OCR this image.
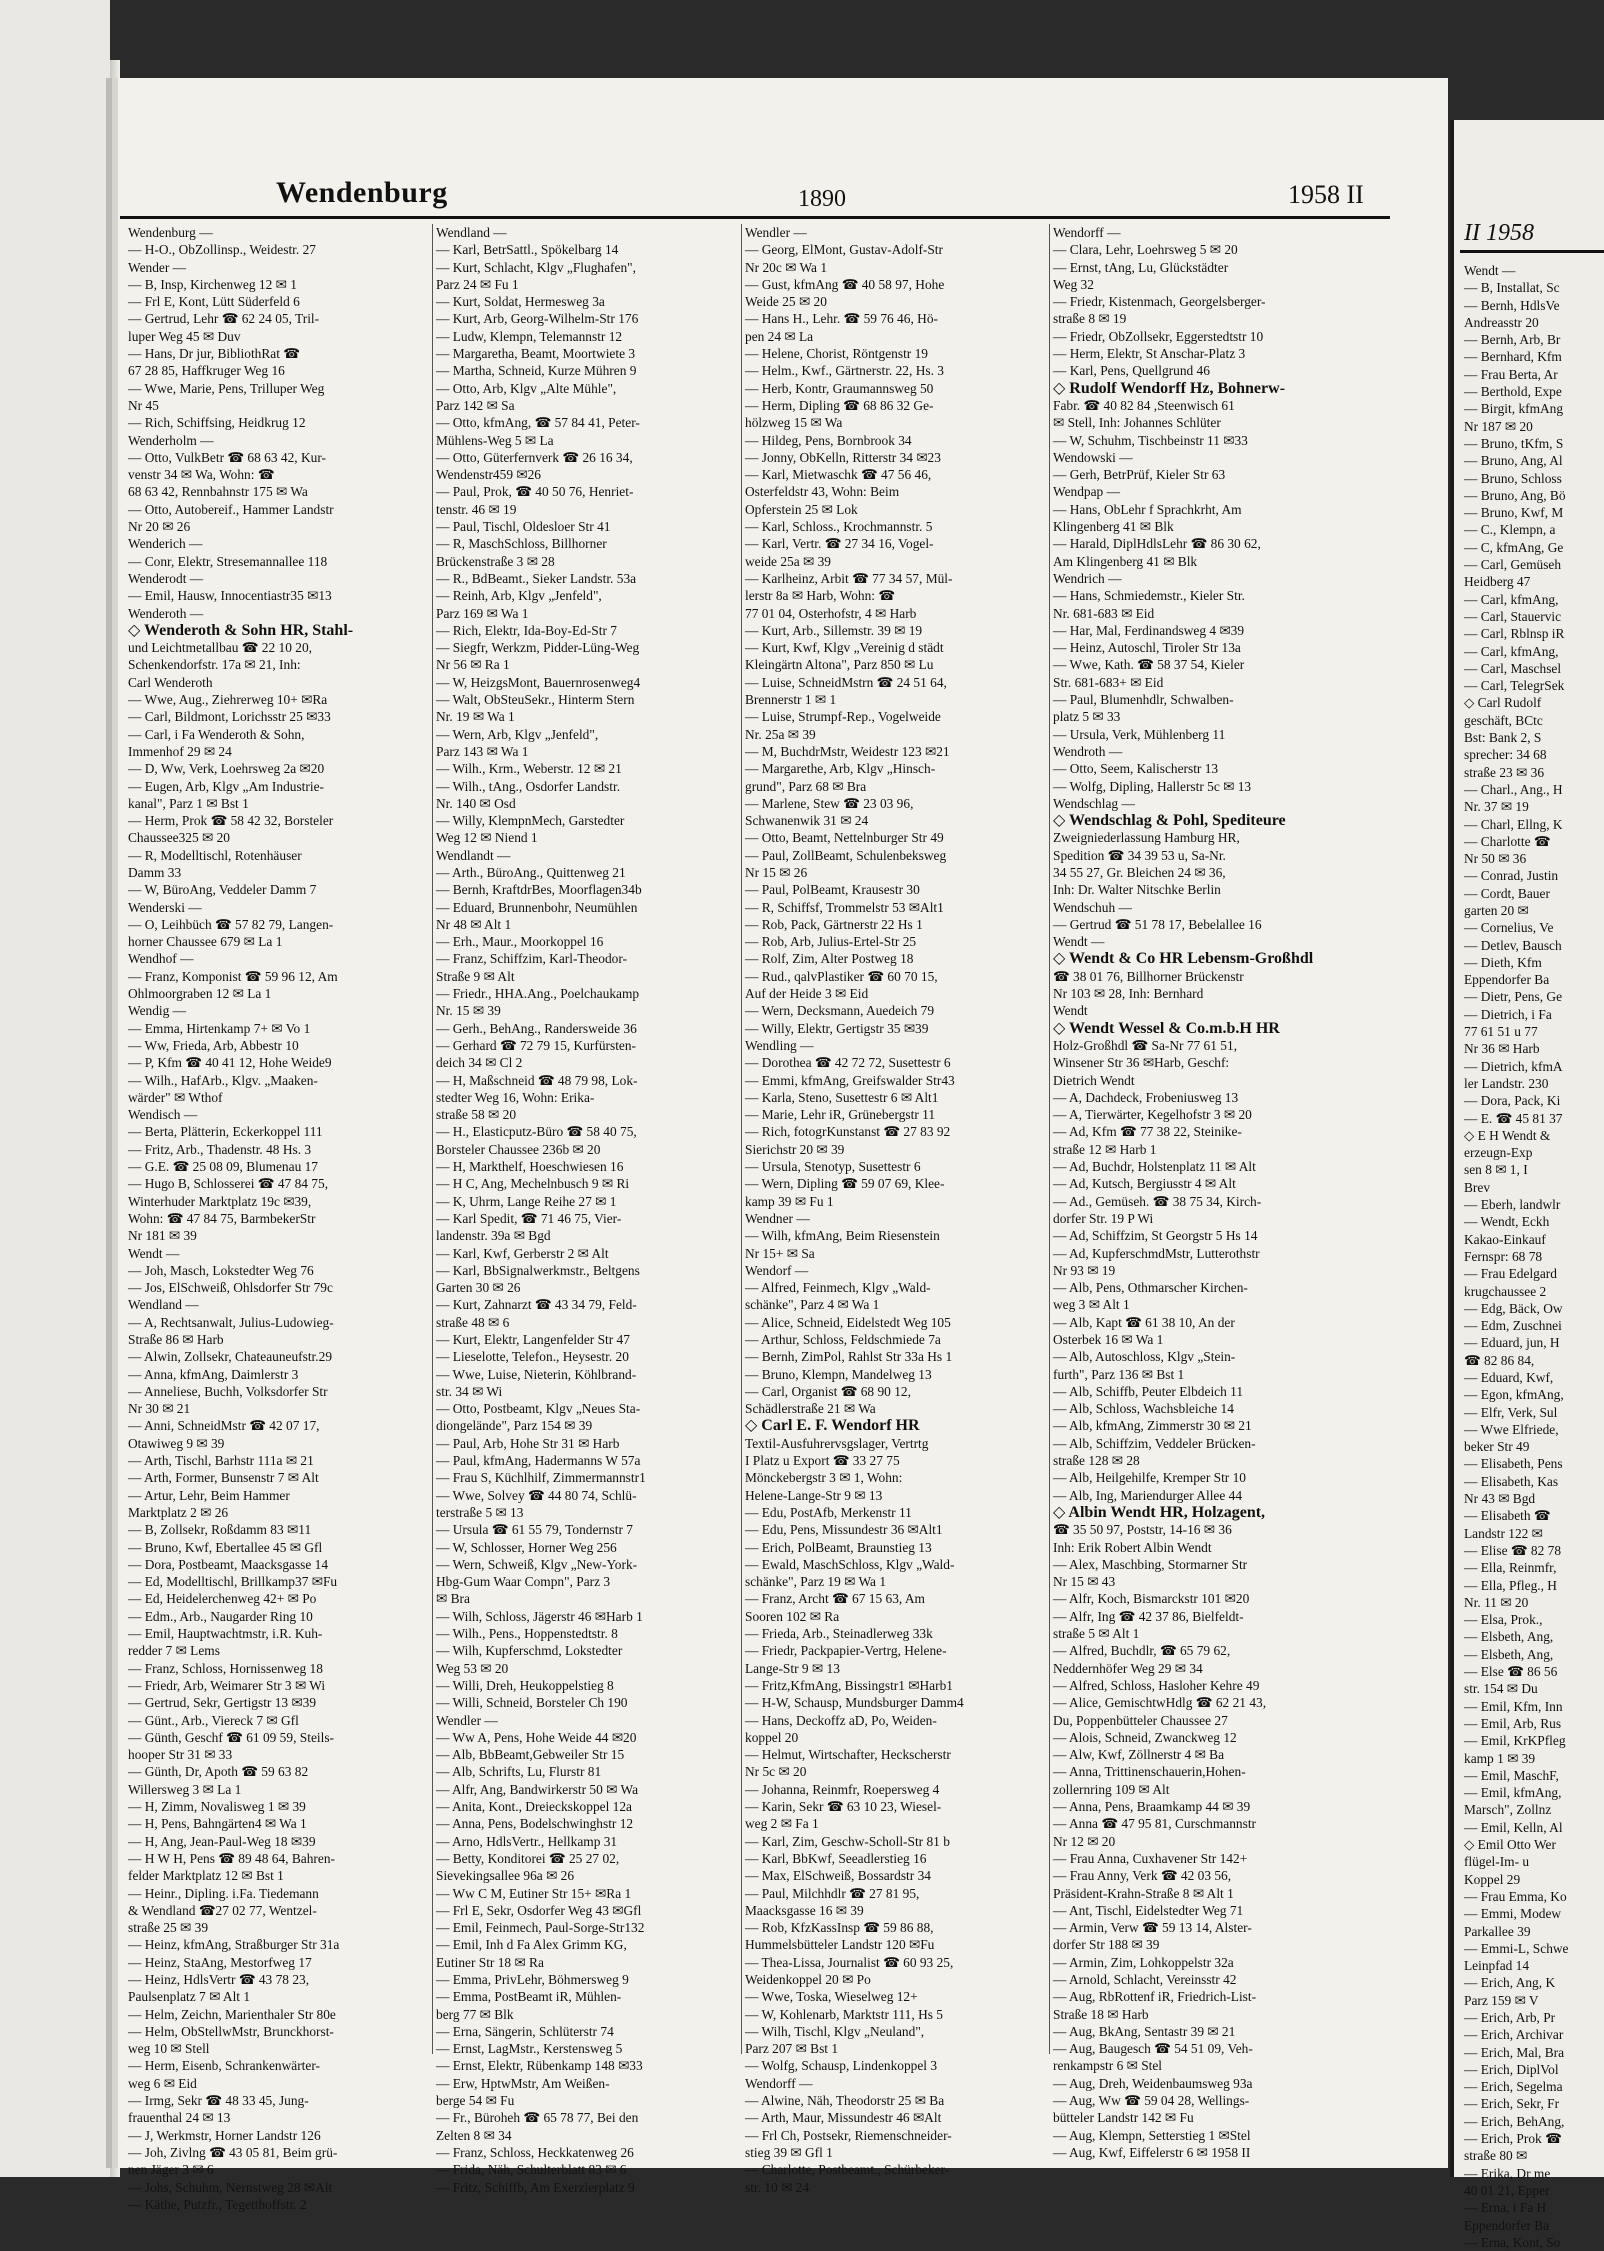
Wendenburg	1890	1958 II
Wendenburg —
— H-O., ObZollinsp., Weidestr. 27
Wender —
— B, Insp, Kirchenweg 12 ✉ 1
— Frl E, Kont, Lütt Süderfeld 6
— Gertrud, Lehr ☎ 62 24 05, Tril-
luper Weg 45 ✉ Duv
— Hans, Dr jur, BibliothRat ☎
67 28 85, Haffkruger Weg 16
— Wwe, Marie, Pens, Trilluper Weg
Nr 45
— Rich, Schiffsing, Heidkrug 12
Wenderholm —
— Otto, VulkBetr ☎ 68 63 42, Kur-
venstr 34 ✉ Wa, Wohn: ☎
68 63 42, Rennbahnstr 175 ✉ Wa
— Otto, Autobereif., Hammer Landstr
Nr 20 ✉ 26
Wenderich —
— Conr, Elektr, Stresemannallee 118
Wenderodt —
— Emil, Hausw, Innocentiastr35 ✉13
Wenderoth —
◇ Wenderoth & Sohn HR, Stahl-
und Leichtmetallbau ☎ 22 10 20,
Schenkendorfstr. 17a ✉ 21, Inh:
Carl Wenderoth
— Wwe, Aug., Ziehrerweg 10+ ✉Ra
— Carl, Bildmont, Lorichsstr 25 ✉33
— Carl, i Fa Wenderoth & Sohn,
Immenhof 29 ✉ 24
— D, Ww, Verk, Loehrsweg 2a ✉20
— Eugen, Arb, Klgv „Am Industrie-
kanal", Parz 1 ✉ Bst 1
— Herm, Prok ☎ 58 42 32, Borsteler
Chaussee325 ✉ 20
— R, Modelltischl, Rotenhäuser
Damm 33
— W, BüroAng, Veddeler Damm 7
Wenderski —
— O, Leihbüch ☎ 57 82 79, Langen-
horner Chaussee 679 ✉ La 1
Wendhof —
— Franz, Komponist ☎ 59 96 12, Am
Ohlmoorgraben 12 ✉ La 1
Wendig —
— Emma, Hirtenkamp 7+ ✉ Vo 1
— Ww, Frieda, Arb, Abbestr 10
— P, Kfm ☎ 40 41 12, Hohe Weide9
— Wilh., HafArb., Klgv. „Maaken-
wärder" ✉ Wthof
Wendisch —
— Berta, Plätterin, Eckerkoppel 111
— Fritz, Arb., Thadenstr. 48 Hs. 3
— G.E. ☎ 25 08 09, Blumenau 17
— Hugo B, Schlosserei ☎ 47 84 75,
Winterhuder Marktplatz 19c ✉39,
Wohn: ☎ 47 84 75, BarmbekerStr
Nr 181 ✉ 39
Wendt —
— Joh, Masch, Lokstedter Weg 76
— Jos, ElSchweiß, Ohlsdorfer Str 79c
Wendland —
— A, Rechtsanwalt, Julius-Ludowieg-
Straße 86 ✉ Harb
— Alwin, Zollsekr, Chateauneufstr.29
— Anna, kfmAng, Daimlerstr 3
— Anneliese, Buchh, Volksdorfer Str
Nr 30 ✉ 21
— Anni, SchneidMstr ☎ 42 07 17,
Otawiweg 9 ✉ 39
— Arth, Tischl, Barhstr 111a ✉ 21
— Arth, Former, Bunsenstr 7 ✉ Alt
— Artur, Lehr, Beim Hammer
Marktplatz 2 ✉ 26
— B, Zollsekr, Roßdamm 83 ✉11
— Bruno, Kwf, Ebertallee 45 ✉ Gfl
— Dora, Postbeamt, Maacksgasse 14
— Ed, Modelltischl, Brillkamp37 ✉Fu
— Ed, Heidelerchenweg 42+ ✉ Po
— Edm., Arb., Naugarder Ring 10
— Emil, Hauptwachtmstr, i.R. Kuh-
redder 7 ✉ Lems
— Franz, Schloss, Hornissenweg 18
— Friedr, Arb, Weimarer Str 3 ✉ Wi
— Gertrud, Sekr, Gertigstr 13 ✉39
— Günt., Arb., Viereck 7 ✉ Gfl
— Günth, Geschf ☎ 61 09 59, Steils-
hooper Str 31 ✉ 33
— Günth, Dr, Apoth ☎ 59 63 82
Willersweg 3 ✉ La 1
— H, Zimm, Novalisweg 1 ✉ 39
— H, Pens, Bahngärten4 ✉ Wa 1
— H, Ang, Jean-Paul-Weg 18 ✉39
— H W H, Pens ☎ 89 48 64, Bahren-
felder Marktplatz 12 ✉ Bst 1
— Heinr., Dipling. i.Fa. Tiedemann
& Wendland ☎27 02 77, Wentzel-
straße 25 ✉ 39
— Heinz, kfmAng, Straßburger Str 31a
— Heinz, StaAng, Mestorfweg 17
— Heinz, HdlsVertr ☎ 43 78 23,
Paulsenplatz 7 ✉ Alt 1
— Helm, Zeichn, Marienthaler Str 80e
— Helm, ObStellwMstr, Brunckhorst-
weg 10 ✉ Stell
— Herm, Eisenb, Schrankenwärter-
weg 6 ✉ Eid
— Irmg, Sekr ☎ 48 33 45, Jung-
frauenthal 24 ✉ 13
— J, Werkmstr, Horner Landstr 126
— Joh, Zivlng ☎ 43 05 81, Beim grü-
nen Jäger 3 ✉ 6
— Johs, Schuhm, Nernstweg 28 ✉Alt
— Käthe, Putzfr., Tegetthoffstr. 2
Wendland —
— Karl, BetrSattl., Spökelbarg 14
— Kurt, Schlacht, Klgv „Flughafen",
Parz 24 ✉ Fu 1
— Kurt, Soldat, Hermesweg 3a
— Kurt, Arb, Georg-Wilhelm-Str 176
— Ludw, Klempn, Telemannstr 12
— Margaretha, Beamt, Moortwiete 3
— Martha, Schneid, Kurze Mühren 9
— Otto, Arb, Klgv „Alte Mühle",
Parz 142 ✉ Sa
— Otto, kfmAng, ☎ 57 84 41, Peter-
Mühlens-Weg 5 ✉ La
— Otto, Güterfernverk ☎ 26 16 34,
Wendenstr459 ✉26
— Paul, Prok, ☎ 40 50 76, Henriet-
tenstr. 46 ✉ 19
— Paul, Tischl, Oldesloer Str 41
— R, MaschSchloss, Billhorner
Brückenstraße 3 ✉ 28
— R., BdBeamt., Sieker Landstr. 53a
— Reinh, Arb, Klgv „Jenfeld",
Parz 169 ✉ Wa 1
— Rich, Elektr, Ida-Boy-Ed-Str 7
— Siegfr, Werkzm, Pidder-Lüng-Weg
Nr 56 ✉ Ra 1
— W, HeizgsMont, Bauernrosenweg4
— Walt, ObSteuSekr., Hinterm Stern
Nr. 19 ✉ Wa 1
— Wern, Arb, Klgv „Jenfeld",
Parz 143 ✉ Wa 1
— Wilh., Krm., Weberstr. 12 ✉ 21
— Wilh., tAng., Osdorfer Landstr.
Nr. 140 ✉ Osd
— Willy, KlempnMech, Garstedter
Weg 12 ✉ Niend 1
Wendlandt —
— Arth., BüroAng., Quittenweg 21
— Bernh, KraftdrBes, Moorflagen34b
— Eduard, Brunnenbohr, Neumühlen
Nr 48 ✉ Alt 1
— Erh., Maur., Moorkoppel 16
— Franz, Schiffzim, Karl-Theodor-
Straße 9 ✉ Alt
— Friedr., HHA.Ang., Poelchaukamp
Nr. 15 ✉ 39
— Gerh., BehAng., Randersweide 36
— Gerhard ☎ 72 79 15, Kurfürsten-
deich 34 ✉ Cl 2
— H, Maßschneid ☎ 48 79 98, Lok-
stedter Weg 16, Wohn: Erika-
straße 58 ✉ 20
— H., Elasticputz-Büro ☎ 58 40 75,
Borsteler Chaussee 236b ✉ 20
— H, Markthelf, Hoeschwiesen 16
— H C, Ang, Mechelnbusch 9 ✉ Ri
— K, Uhrm, Lange Reihe 27 ✉ 1
— Karl Spedit, ☎ 71 46 75, Vier-
landenstr. 39a ✉ Bgd
— Karl, Kwf, Gerberstr 2 ✉ Alt
— Karl, BbSignalwerkmstr., Beltgens
Garten 30 ✉ 26
— Kurt, Zahnarzt ☎ 43 34 79, Feld-
straße 48 ✉ 6
— Kurt, Elektr, Langenfelder Str 47
— Lieselotte, Telefon., Heysestr. 20
— Wwe, Luise, Nieterin, Köhlbrand-
str. 34 ✉ Wi
— Otto, Postbeamt, Klgv „Neues Sta-
diongelände", Parz 154 ✉ 39
— Paul, Arb, Hohe Str 31 ✉ Harb
— Paul, kfmAng, Hadermanns W 57a
— Frau S, Küchlhilf, Zimmermannstr1
— Wwe, Solvey ☎ 44 80 74, Schlü-
terstraße 5 ✉ 13
— Ursula ☎ 61 55 79, Tondernstr 7
— W, Schlosser, Horner Weg 256
— Wern, Schweiß, Klgv „New-York-
Hbg-Gum Waar Compn", Parz 3
✉ Bra
— Wilh, Schloss, Jägerstr 46 ✉Harb 1
— Wilh., Pens., Hoppenstedtstr. 8
— Wilh, Kupferschmd, Lokstedter
Weg 53 ✉ 20
— Willi, Dreh, Heukoppelstieg 8
— Willi, Schneid, Borsteler Ch 190
Wendler —
— Ww A, Pens, Hohe Weide 44 ✉20
— Alb, BbBeamt,Gebweiler Str 15
— Alb, Schrifts, Lu, Flurstr 81
— Alfr, Ang, Bandwirkerstr 50 ✉ Wa
— Anita, Kont., Dreieckskoppel 12a
— Anna, Pens, Bodelschwinghstr 12
— Arno, HdlsVertr., Hellkamp 31
— Betty, Konditorei ☎ 25 27 02,
Sievekingsallee 96a ✉ 26
— Ww C M, Eutiner Str 15+ ✉Ra 1
— Frl E, Sekr, Osdorfer Weg 43 ✉Gfl
— Emil, Feinmech, Paul-Sorge-Str132
— Emil, Inh d Fa Alex Grimm KG,
Eutiner Str 18 ✉ Ra
— Emma, PrivLehr, Böhmersweg 9
— Emma, PostBeamt iR, Mühlen-
berg 77 ✉ Blk
— Erna, Sängerin, Schlüterstr 74
— Ernst, LagMstr., Kerstensweg 5
— Ernst, Elektr, Rübenkamp 148 ✉33
— Erw, HptwMstr, Am Weißen-
berge 54 ✉ Fu
— Fr., Büroheh ☎ 65 78 77, Bei den
Zelten 8 ✉ 34
— Franz, Schloss, Heckkatenweg 26
— Frida, Näh, Schulterblatt 83 ✉ 6
— Fritz, Schiffb, Am Exerzierplatz 9
Wendler —
— Georg, ElMont, Gustav-Adolf-Str
Nr 20c ✉ Wa 1
— Gust, kfmAng ☎ 40 58 97, Hohe
Weide 25 ✉ 20
— Hans H., Lehr. ☎ 59 76 46, Hö-
pen 24 ✉ La
— Helene, Chorist, Röntgenstr 19
— Helm., Kwf., Gärtnerstr. 22, Hs. 3
— Herb, Kontr, Graumannsweg 50
— Herm, Dipling ☎ 68 86 32 Ge-
hölzweg 15 ✉ Wa
— Hildeg, Pens, Bornbrook 34
— Jonny, ObKelln, Ritterstr 34 ✉23
— Karl, Mietwaschk ☎ 47 56 46,
Osterfeldstr 43, Wohn: Beim
Opferstein 25 ✉ Lok
— Karl, Schloss., Krochmannstr. 5
— Karl, Vertr. ☎ 27 34 16, Vogel-
weide 25a ✉ 39
— Karlheinz, Arbit ☎ 77 34 57, Mül-
lerstr 8a ✉ Harb, Wohn: ☎
77 01 04, Osterhofstr, 4 ✉ Harb
— Kurt, Arb., Sillemstr. 39 ✉ 19
— Kurt, Kwf, Klgv „Vereinig d städt
Kleingärtn Altona", Parz 850 ✉ Lu
— Luise, SchneidMstrn ☎ 24 51 64,
Brennerstr 1 ✉ 1
— Luise, Strumpf-Rep., Vogelweide
Nr. 25a ✉ 39
— M, BuchdrMstr, Weidestr 123 ✉21
— Margarethe, Arb, Klgv „Hinsch-
grund", Parz 68 ✉ Bra
— Marlene, Stew ☎ 23 03 96,
Schwanenwik 31 ✉ 24
— Otto, Beamt, Nettelnburger Str 49
— Paul, ZollBeamt, Schulenbeksweg
Nr 15 ✉ 26
— Paul, PolBeamt, Krausestr 30
— R, Schiffsf, Trommelstr 53 ✉Alt1
— Rob, Pack, Gärtnerstr 22 Hs 1
— Rob, Arb, Julius-Ertel-Str 25
— Rolf, Zim, Alter Postweg 18
— Rud., qalvPlastiker ☎ 60 70 15,
Auf der Heide 3 ✉ Eid
— Wern, Decksmann, Auedeich 79
— Willy, Elektr, Gertigstr 35 ✉39
Wendling —
— Dorothea ☎ 42 72 72, Susettestr 6
— Emmi, kfmAng, Greifswalder Str43
— Karla, Steno, Susettestr 6 ✉ Alt1
— Marie, Lehr iR, Grünebergstr 11
— Rich, fotogrKunstanst ☎ 27 83 92
Sierichstr 20 ✉ 39
— Ursula, Stenotyp, Susettestr 6
— Wern, Dipling ☎ 59 07 69, Klee-
kamp 39 ✉ Fu 1
Wendner —
— Wilh, kfmAng, Beim Riesenstein
Nr 15+ ✉ Sa
Wendorf —
— Alfred, Feinmech, Klgv „Wald-
schänke", Parz 4 ✉ Wa 1
— Alice, Schneid, Eidelstedt Weg 105
— Arthur, Schloss, Feldschmiede 7a
— Bernh, ZimPol, Rahlst Str 33a Hs 1
— Bruno, Klempn, Mandelweg 13
— Carl, Organist ☎ 68 90 12,
Schädlerstraße 21 ✉ Wa
◇ Carl E. F. Wendorf HR
Textil-Ausfuhrervsgslager, Vertrtg
I Platz u Export ☎ 33 27 75
Mönckebergstr 3 ✉ 1, Wohn:
Helene-Lange-Str 9 ✉ 13
— Edu, PostAfb, Merkenstr 11
— Edu, Pens, Missundestr 36 ✉Alt1
— Erich, PolBeamt, Braunstieg 13
— Ewald, MaschSchloss, Klgv „Wald-
schänke", Parz 19 ✉ Wa 1
— Franz, Archt ☎ 67 15 63, Am
Sooren 102 ✉ Ra
— Frieda, Arb., Steinadlerweg 33k
— Friedr, Packpapier-Vertrg, Helene-
Lange-Str 9 ✉ 13
— Fritz,KfmAng, Bissingstr1 ✉Harb1
— H-W, Schausp, Mundsburger Damm4
— Hans, Deckoffz aD, Po, Weiden-
koppel 20
— Helmut, Wirtschafter, Heckscherstr
Nr 5c ✉ 20
— Johanna, Reinmfr, Roepersweg 4
— Karin, Sekr ☎ 63 10 23, Wiesel-
weg 2 ✉ Fa 1
— Karl, Zim, Geschw-Scholl-Str 81 b
— Karl, BbKwf, Seeadlerstieg 16
— Max, ElSchweiß, Bossardstr 34
— Paul, Milchhdlr ☎ 27 81 95,
Maacksgasse 16 ✉ 39
— Rob, KfzKassInsp ☎ 59 86 88,
Hummelsbütteler Landstr 120 ✉Fu
— Thea-Lissa, Journalist ☎ 60 93 25,
Weidenkoppel 20 ✉ Po
— Wwe, Toska, Wieselweg 12+
— W, Kohlenarb, Marktstr 111, Hs 5
— Wilh, Tischl, Klgv „Neuland",
Parz 207 ✉ Bst 1
— Wolfg, Schausp, Lindenkoppel 3
Wendorff —
— Alwine, Näh, Theodorstr 25 ✉ Ba
— Arth, Maur, Missundestr 46 ✉Alt
— Frl Ch, Postsekr, Riemenschneider-
stieg 39 ✉ Gfl 1
— Charlotte, Postbeamt., Schürbeker-
str. 10 ✉ 24
Wendorff —
— Clara, Lehr, Loehrsweg 5 ✉ 20
— Ernst, tAng, Lu, Glückstädter
Weg 32
— Friedr, Kistenmach, Georgelsberger-
straße 8 ✉ 19
— Friedr, ObZollsekr, Eggerstedtstr 10
— Herm, Elektr, St Anschar-Platz 3
— Karl, Pens, Quellgrund 46
◇ Rudolf Wendorff Hz, Bohnerw-
Fabr. ☎ 40 82 84 ,Steenwisch 61
✉ Stell, Inh: Johannes Schlüter
— W, Schuhm, Tischbeinstr 11 ✉33
Wendowski —
— Gerh, BetrPrüf, Kieler Str 63
Wendpap —
— Hans, ObLehr f Sprachkrht, Am
Klingenberg 41 ✉ Blk
— Harald, DiplHdlsLehr ☎ 86 30 62,
Am Klingenberg 41 ✉ Blk
Wendrich —
— Hans, Schmiedemstr., Kieler Str.
Nr. 681-683 ✉ Eid
— Har, Mal, Ferdinandsweg 4 ✉39
— Heinz, Autoschl, Tiroler Str 13a
— Wwe, Kath. ☎ 58 37 54, Kieler
Str. 681-683+ ✉ Eid
— Paul, Blumenhdlr, Schwalben-
platz 5 ✉ 33
— Ursula, Verk, Mühlenberg 11
Wendroth —
— Otto, Seem, Kalischerstr 13
— Wolfg, Dipling, Hallerstr 5c ✉ 13
Wendschlag —
◇ Wendschlag & Pohl, Spediteure
Zweigniederlassung Hamburg HR,
Spedition ☎ 34 39 53 u, Sa-Nr.
34 55 27, Gr. Bleichen 24 ✉ 36,
Inh: Dr. Walter Nitschke Berlin
Wendschuh —
— Gertrud ☎ 51 78 17, Bebelallee 16
Wendt —
◇ Wendt & Co HR Lebensm-Großhdl
☎ 38 01 76, Billhorner Brückenstr
Nr 103 ✉ 28, Inh: Bernhard
Wendt
◇ Wendt Wessel & Co.m.b.H HR
Holz-Großhdl ☎ Sa-Nr 77 61 51,
Winsener Str 36 ✉Harb, Geschf:
Dietrich Wendt
— A, Dachdeck, Frobeniusweg 13
— A, Tierwärter, Kegelhofstr 3 ✉ 20
— Ad, Kfm ☎ 77 38 22, Steinike-
straße 12 ✉ Harb 1
— Ad, Buchdr, Holstenplatz 11 ✉ Alt
— Ad, Kutsch, Bergiusstr 4 ✉ Alt
— Ad., Gemüseh. ☎ 38 75 34, Kirch-
dorfer Str. 19 P Wi
— Ad, Schiffzim, St Georgstr 5 Hs 14
— Ad, KupferschmdMstr, Lutterothstr
Nr 93 ✉ 19
— Alb, Pens, Othmarscher Kirchen-
weg 3 ✉ Alt 1
— Alb, Kapt ☎ 61 38 10, An der
Osterbek 16 ✉ Wa 1
— Alb, Autoschloss, Klgv „Stein-
furth", Parz 136 ✉ Bst 1
— Alb, Schiffb, Peuter Elbdeich 11
— Alb, Schloss, Wachsbleiche 14
— Alb, kfmAng, Zimmerstr 30 ✉ 21
— Alb, Schiffzim, Veddeler Brücken-
straße 128 ✉ 28
— Alb, Heilgehilfe, Kremper Str 10
— Alb, Ing, Mariendurger Allee 44
◇ Albin Wendt HR, Holzagent,
☎ 35 50 97, Poststr, 14-16 ✉ 36
Inh: Erik Robert Albin Wendt
— Alex, Maschbing, Stormarner Str
Nr 15 ✉ 43
— Alfr, Koch, Bismarckstr 101 ✉20
— Alfr, Ing ☎ 42 37 86, Bielfeldt-
straße 5 ✉ Alt 1
— Alfred, Buchdlr, ☎ 65 79 62,
Neddernhöfer Weg 29 ✉ 34
— Alfred, Schloss, Hasloher Kehre 49
— Alice, GemischtwHdlg ☎ 62 21 43,
Du, Poppenbütteler Chaussee 27
— Alois, Schneid, Zwanckweg 12
— Alw, Kwf, Zöllnerstr 4 ✉ Ba
— Anna, Trittinenschauerin,Hohen-
zollernring 109 ✉ Alt
— Anna, Pens, Braamkamp 44 ✉ 39
— Anna ☎ 47 95 81, Curschmannstr
Nr 12 ✉ 20
— Frau Anna, Cuxhavener Str 142+
— Frau Anny, Verk ☎ 42 03 56,
Präsident-Krahn-Straße 8 ✉ Alt 1
— Ant, Tischl, Eidelstedter Weg 71
— Armin, Verw ☎ 59 13 14, Alster-
dorfer Str 188 ✉ 39
— Armin, Zim, Lohkoppelstr 32a
— Arnold, Schlacht, Vereinsstr 42
— Aug, RbRottenf iR, Friedrich-List-
Straße 18 ✉ Harb
— Aug, BkAng, Sentastr 39 ✉ 21
— Aug, Baugesch ☎ 54 51 09, Veh-
renkampstr 6 ✉ Stel
— Aug, Dreh, Weidenbaumsweg 93a
— Aug, Ww ☎ 59 04 28, Wellings-
bütteler Landstr 142 ✉ Fu
— Aug, Klempn, Setterstieg 1 ✉Stel
— Aug, Kwf, Eiffelerstr 6 ✉ 1958 II
II 1958
Wendt —
— B, Installat, Sc
— Bernh, HdlsVe
Andreasstr 20
— Bernh, Arb, Br
— Bernhard, Kfm
— Frau Berta, Ar
— Berthold, Expe
— Birgit, kfmAng
Nr 187 ✉ 20
— Bruno, tKfm, S
— Bruno, Ang, Al
— Bruno, Schloss
— Bruno, Ang, Bö
— Bruno, Kwf, M
— C., Klempn, a
— C, kfmAng, Ge
— Carl, Gemüseh
Heidberg 47
— Carl, kfmAng,
— Carl, Stauervic
— Carl, Rblnsp iR
— Carl, kfmAng,
— Carl, Maschsel
— Carl, TelegrSek
◇ Carl Rudolf
geschäft, BCtc
Bst: Bank 2, S
sprecher: 34 68
straße 23 ✉ 36
— Charl., Ang., H
Nr. 37 ✉ 19
— Charl, Ellng, K
— Charlotte ☎
Nr 50 ✉ 36
— Conrad, Justin
— Cordt, Bauer
garten 20 ✉
— Cornelius, Ve
— Detlev, Bausch
— Dieth, Kfm
Eppendorfer Ba
— Dietr, Pens, Ge
— Dietrich, i Fa
77 61 51 u 77
Nr 36 ✉ Harb
— Dietrich, kfmA
ler Landstr. 230
— Dora, Pack, Ki
— E. ☎ 45 81 37
◇ E H Wendt &
erzeugn-Exp
sen 8 ✉ 1, I
Brev
— Eberh, landwlr
— Wendt, Eckh
Kakao-Einkauf
Fernspr: 68 78
— Frau Edelgard
krugchaussee 2
— Edg, Bäck, Ow
— Edm, Zuschnei
— Eduard, jun, H
☎ 82 86 84,
— Eduard, Kwf,
— Egon, kfmAng,
— Elfr, Verk, Sul
— Wwe Elfriede,
beker Str 49
— Elisabeth, Pens
— Elisabeth, Kas
Nr 43 ✉ Bgd
— Elisabeth ☎
Landstr 122 ✉
— Elise ☎ 82 78
— Ella, Reinmfr,
— Ella, Pfleg., H
Nr. 11 ✉ 20
— Elsa, Prok.,
— Elsbeth, Ang,
— Elsbeth, Ang,
— Else ☎ 86 56
str. 154 ✉ Du
— Emil, Kfm, Inn
— Emil, Arb, Rus
— Emil, KrKPfleg
kamp 1 ✉ 39
— Emil, MaschF,
— Emil, kfmAng,
Marsch", Zollnz
— Emil, Kelln, Al
◇ Emil Otto Wer
flügel-Im- u
Koppel 29
— Frau Emma, Ko
— Emmi, Modew
Parkallee 39
— Emmi-L, Schwe
Leinpfad 14
— Erich, Ang, K
Parz 159 ✉ V
— Erich, Arb, Pr
— Erich, Archivar
— Erich, Mal, Bra
— Erich, DiplVol
— Erich, Segelma
— Erich, Sekr, Fr
— Erich, BehAng,
— Erich, Prok ☎
straße 80 ✉
— Erika, Dr me
40 01 21, Epper
— Erna, i Fa H
Eppendorfer Ba
— Erna, Kont, So
